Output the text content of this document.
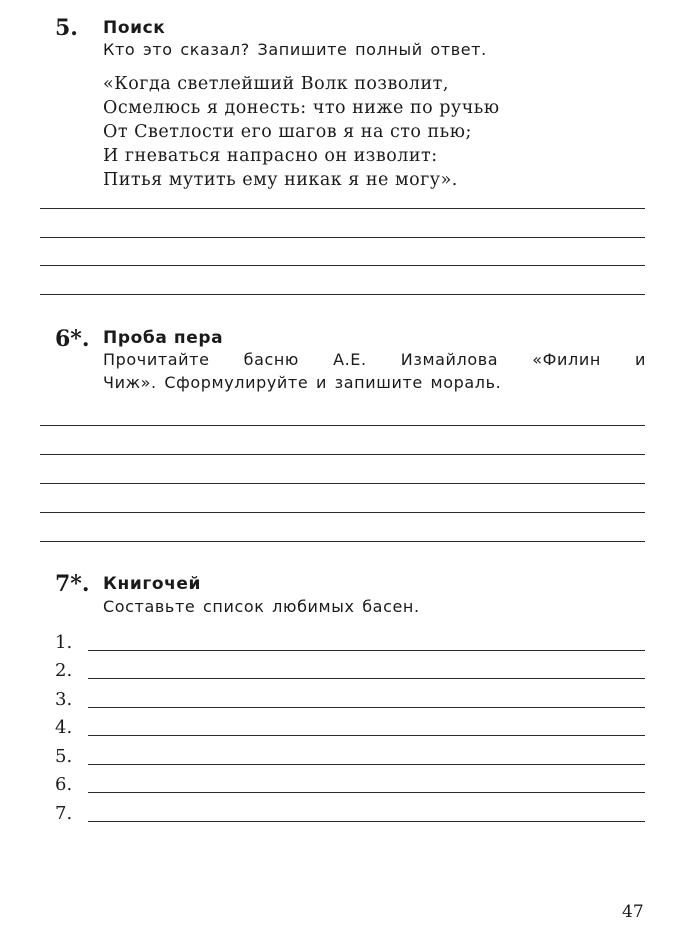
5. Поиск
Кто это сказал? Запишите полный ответ.
«Когда светлейший Волк позволит,
Осмелюсь я донесть: что ниже по ручью
От Светлости его шагов я на сто пью;
И гневаться напрасно он изволит:
Питья мутить ему никак я не могу».
6*. Проба пера
Прочитайте басню А.Е. Измайлова «Филин и
Чиж». Сформулируйте и запишите мораль.
7*. Книгочей
Составьте список любимых басен.
1.
2.
3.
4.
5.
6.
7.
47
